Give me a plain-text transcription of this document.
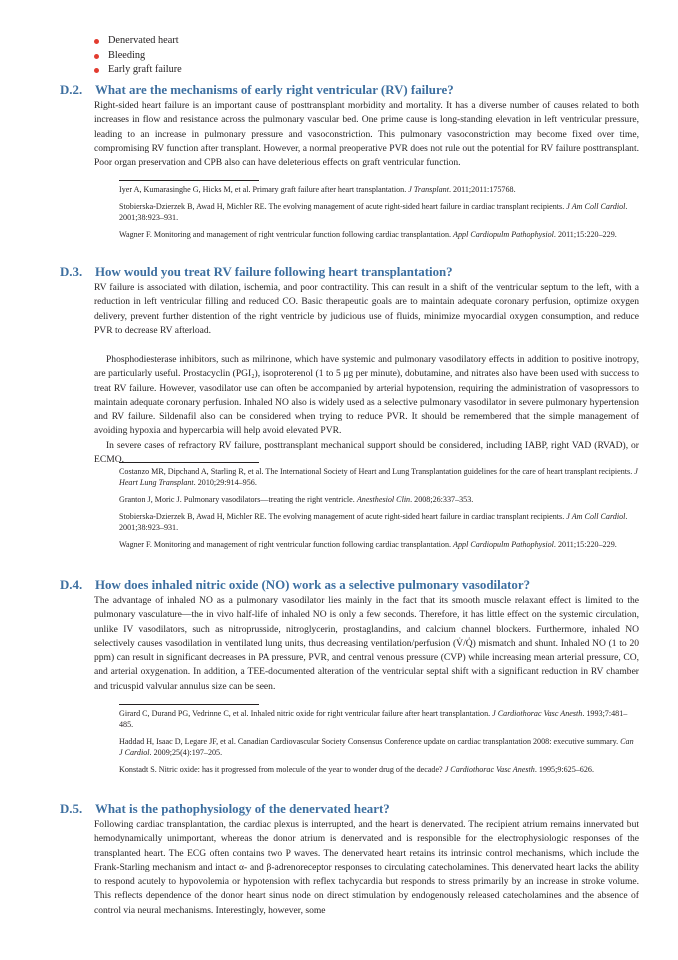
Denervated heart
Bleeding
Early graft failure
D.2. What are the mechanisms of early right ventricular (RV) failure?

Right-sided heart failure is an important cause of posttransplant morbidity and mortality. It has a diverse number of causes related to both increases in flow and resistance across the pulmonary vascular bed. One prime cause is long-standing elevation in left ventricular pressure, leading to an increase in pulmonary pressure and vasoconstriction. This pulmonary vasoconstriction may become fixed over time, compromising RV function after transplant. However, a normal preoperative PVR does not rule out the potential for RV failure posttransplant. Poor organ preservation and CPB also can have deleterious effects on graft ventricular function.

Iyer A, Kumarasinghe G, Hicks M, et al. Primary graft failure after heart transplantation. J Transplant. 2011;2011:175768.

Stobierska-Dzierzek B, Awad H, Michler RE. The evolving management of acute right-sided heart failure in cardiac transplant recipients. J Am Coll Cardiol. 2001;38:923–931.

Wagner F. Monitoring and management of right ventricular function following cardiac transplantation. Appl Cardiopulm Pathophysiol. 2011;15:220–229.

D.3. How would you treat RV failure following heart transplantation?

RV failure is associated with dilation, ischemia, and poor contractility. This can result in a shift of the ventricular septum to the left, with a reduction in left ventricular filling and reduced CO. Basic therapeutic goals are to maintain adequate coronary perfusion, optimize oxygen delivery, prevent further distention of the right ventricle by judicious use of fluids, minimize myocardial oxygen consumption, and reduce PVR to decrease RV afterload.

Phosphodiesterase inhibitors, such as milrinone, which have systemic and pulmonary vasodilatory effects in addition to positive inotropy, are particularly useful. Prostacyclin (PGI₂), isoproterenol (1 to 5 μg per minute), dobutamine, and nitrates also have been used with success to treat RV failure. However, vasodilator use can often be accompanied by arterial hypotension, requiring the administration of vasopressors to maintain adequate coronary perfusion. Inhaled NO also is widely used as a selective pulmonary vasodilator in severe pulmonary hypertension and RV failure. Sildenafil also can be considered when trying to reduce PVR. It should be remembered that the simple management of avoiding hypoxia and hypercarbia will help avoid elevated PVR.

In severe cases of refractory RV failure, posttransplant mechanical support should be considered, including IABP, right VAD (RVAD), or ECMO.

Costanzo MR, Dipchand A, Starling R, et al. The International Society of Heart and Lung Transplantation guidelines for the care of heart transplant recipients. J Heart Lung Transplant. 2010;29:914–956.

Granton J, Moric J. Pulmonary vasodilators—treating the right ventricle. Anesthesiol Clin. 2008;26:337–353.

Stobierska-Dzierzek B, Awad H, Michler RE. The evolving management of acute right-sided heart failure in cardiac transplant recipients. J Am Coll Cardiol. 2001;38:923–931.

Wagner F. Monitoring and management of right ventricular function following cardiac transplantation. Appl Cardiopulm Pathophysiol. 2011;15:220–229.

D.4. How does inhaled nitric oxide (NO) work as a selective pulmonary vasodilator?

The advantage of inhaled NO as a pulmonary vasodilator lies mainly in the fact that its smooth muscle relaxant effect is limited to the pulmonary vasculature—the in vivo half-life of inhaled NO is only a few seconds. Therefore, it has little effect on the systemic circulation, unlike IV vasodilators, such as nitroprusside, nitroglycerin, prostaglandins, and calcium channel blockers. Furthermore, inhaled NO selectively causes vasodilation in ventilated lung units, thus decreasing ventilation/perfusion (V̇/Q̇) mismatch and shunt. Inhaled NO (1 to 20 ppm) can result in significant decreases in PA pressure, PVR, and central venous pressure (CVP) while increasing mean arterial pressure, CO, and arterial oxygenation. In addition, a TEE-documented alteration of the ventricular septal shift with a significant reduction in RV chamber and tricuspid valvular annulus size can be seen.

Girard C, Durand PG, Vedrinne C, et al. Inhaled nitric oxide for right ventricular failure after heart transplantation. J Cardiothorac Vasc Anesth. 1993;7:481–485.

Haddad H, Isaac D, Legare JF, et al. Canadian Cardiovascular Society Consensus Conference update on cardiac transplantation 2008: executive summary. Can J Cardiol. 2009;25(4):197–205.

Konstadt S. Nitric oxide: has it progressed from molecule of the year to wonder drug of the decade? J Cardiothorac Vasc Anesth. 1995;9:625–626.

D.5. What is the pathophysiology of the denervated heart?

Following cardiac transplantation, the cardiac plexus is interrupted, and the heart is denervated. The recipient atrium remains innervated but hemodynamically unimportant, whereas the donor atrium is denervated and is responsible for the electrophysiologic responses of the transplanted heart. The ECG often contains two P waves. The denervated heart retains its intrinsic control mechanisms, which include the Frank-Starling mechanism and intact α- and β-adrenoreceptor responses to circulating catecholamines. This denervated heart lacks the ability to respond acutely to hypovolemia or hypotension with reflex tachycardia but responds to stress primarily by an increase in stroke volume. This reflects dependence of the donor heart sinus node on direct stimulation by endogenously released catecholamines and the absence of control via neural mechanisms. Interestingly, however, some
